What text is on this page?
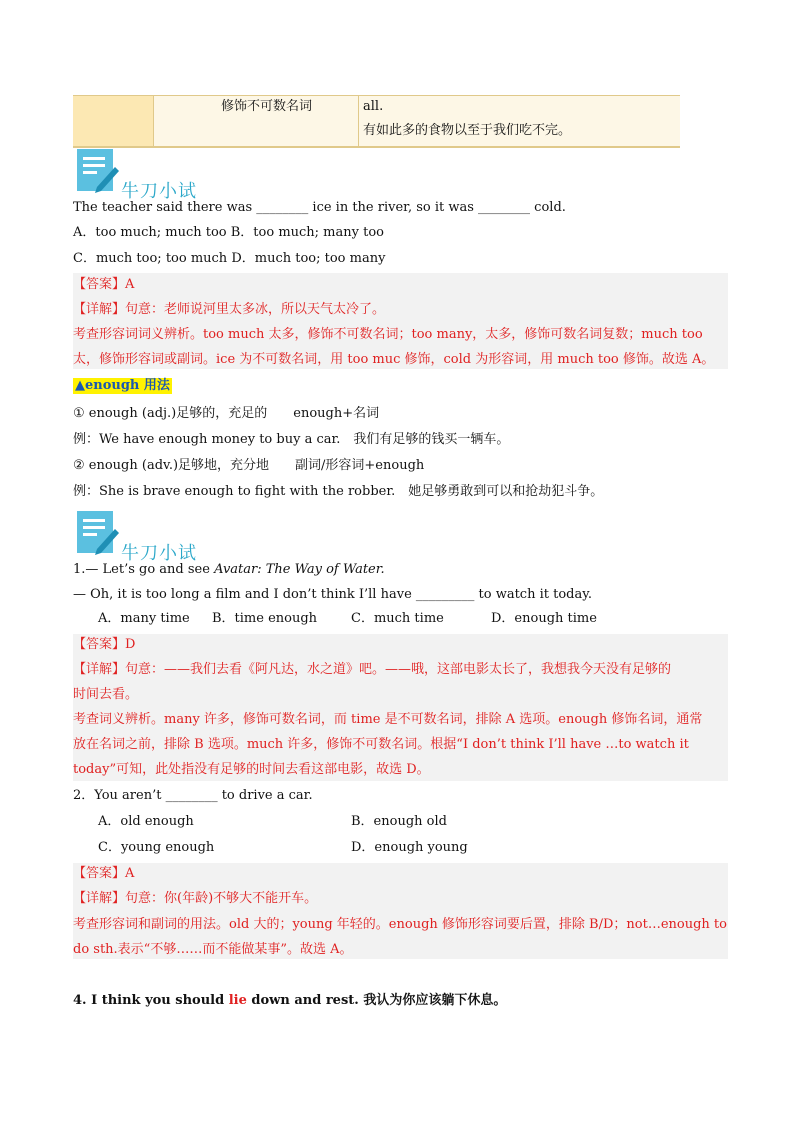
修饰不可数名词	all.
有如此多的食物以至于我们吃不完。
牛刀小试
The teacher said there was ________ ice in the river, so it was ________ cold.
A．too much; much too B．too much; many too
C．much too; too much D．much too; too many
【答案】A
【详解】句意：老师说河里太多冰，所以天气太冷了。
考查形容词词义辨析。too much 太多，修饰不可数名词；too many，太多，修饰可数名词复数；much too
太，修饰形容词或副词。ice 为不可数名词，用 too muc 修饰，cold 为形容词，用 much too 修饰。故选 A。
▲enough 用法
① enough (adj.)足够的，充足的　　enough+名词
例：We have enough money to buy a car.　我们有足够的钱买一辆车。
② enough (adv.)足够地，充分地　　副词/形容词+enough
例：She is brave enough to fight with the robber.　她足够勇敢到可以和抢劫犯斗争。
牛刀小试
1.— Let’s go and see Avatar: The Way of Water.
— Oh, it is too long a film and I don’t think I’ll have _________ to watch it today.
A．many time B．time enough	C．much time	D．enough time
【答案】D
【详解】句意：——我们去看《阿凡达，水之道》吧。——哦，这部电影太长了，我想我今天没有足够的
时间去看。
考查词义辨析。many 许多，修饰可数名词，而 time 是不可数名词，排除 A 选项。enough 修饰名词，通常
放在名词之前，排除 B 选项。much 许多，修饰不可数名词。根据“I don’t think I’ll have …to watch it
today”可知，此处指没有足够的时间去看这部电影，故选 D。
2．You aren’t ________ to drive a car.
A．old enough	B．enough old
C．young enough	D．enough young
【答案】A
【详解】句意：你(年龄)不够大不能开车。
考查形容词和副词的用法。old 大的；young 年轻的。enough 修饰形容词要后置，排除 B/D；not…enough to
do sth.表示“不够……而不能做某事”。故选 A。
4. I think you should lie down and rest. 我认为你应该躺下休息。
